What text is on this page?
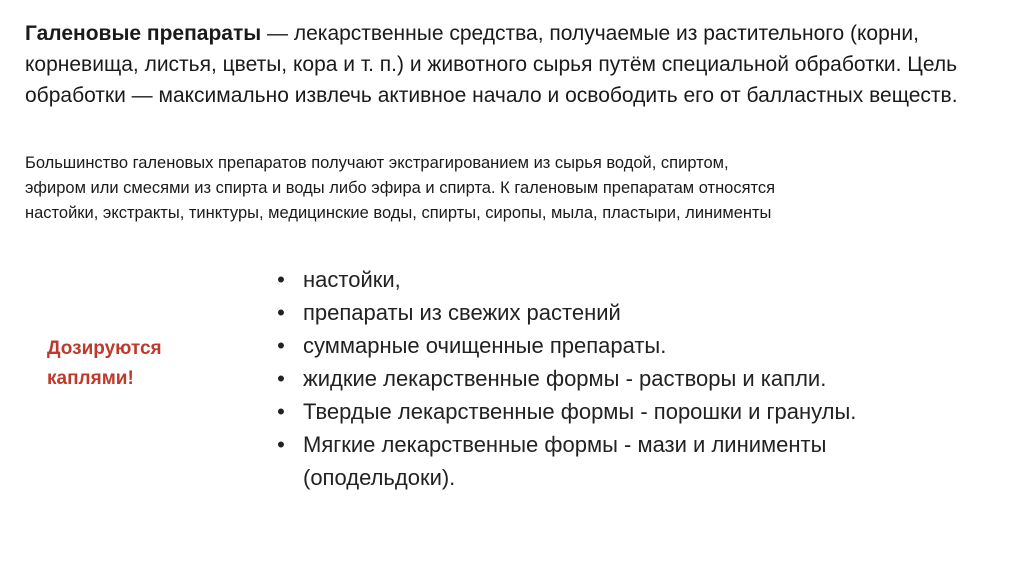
Галеновые препараты — лекарственные средства, получаемые из растительного (корни, корневища, листья, цветы, кора и т. п.) и животного сырья путём специальной обработки. Цель обработки — максимально извлечь активное начало и освободить его от балластных веществ.

Большинство галеновых препаратов получают экстрагированием из сырья водой, спиртом,
эфиром или смесями из спирта и воды либо эфира и спирта. К галеновым препаратам относятся
настойки, экстракты, тинктуры, медицинские воды, спирты, сиропы, мыла, пластыри, линименты
Дозируются
каплями!
• настойки,
• препараты из свежих растений
• суммарные очищенные препараты.
• жидкие лекарственные формы - растворы и капли.
• Твердые лекарственные формы - порошки и гранулы.
• Мягкие лекарственные формы - мази и линименты
(оподельдоки).
